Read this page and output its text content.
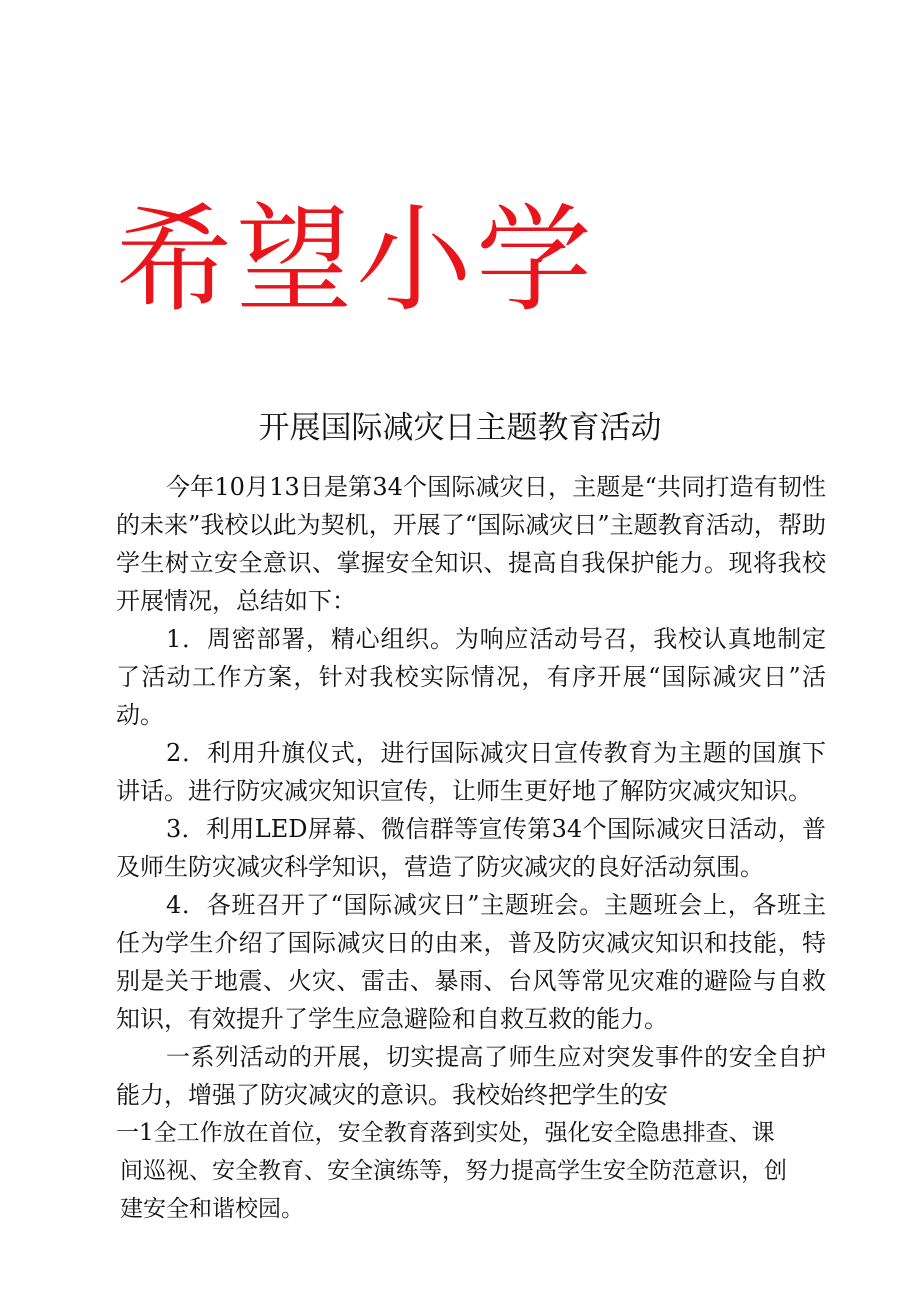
希望小学
开展国际减灾日主题教育活动

今年10月13日是第34个国际减灾日，主题是“共同打造有韧性的未来”我校以此为契机，开展了“国际减灾日”主题教育活动，帮助学生树立安全意识、掌握安全知识、提高自我保护能力。现将我校开展情况，总结如下：

1．周密部署，精心组织。为响应活动号召，我校认真地制定了活动工作方案，针对我校实际情况，有序开展“国际减灾日”活动。

2．利用升旗仪式，进行国际减灾日宣传教育为主题的国旗下讲话。进行防灾减灾知识宣传，让师生更好地了解防灾减灾知识。

3．利用LED屏幕、微信群等宣传第34个国际减灾日活动，普及师生防灾减灾科学知识，营造了防灾减灾的良好活动氛围。

4．各班召开了“国际减灾日”主题班会。主题班会上，各班主任为学生介绍了国际减灾日的由来，普及防灾减灾知识和技能，特别是关于地震、火灾、雷击、暴雨、台风等常见灾难的避险与自救知识，有效提升了学生应急避险和自救互救的能力。

一系列活动的开展，切实提高了师生应对突发事件的安全自护能力，增强了防灾减灾的意识。我校始终把学生的安

一1全工作放在首位，安全教育落到实处，强化安全隐患排查、课

间巡视、安全教育、安全演练等，努力提高学生安全防范意识，创

建安全和谐校园。
